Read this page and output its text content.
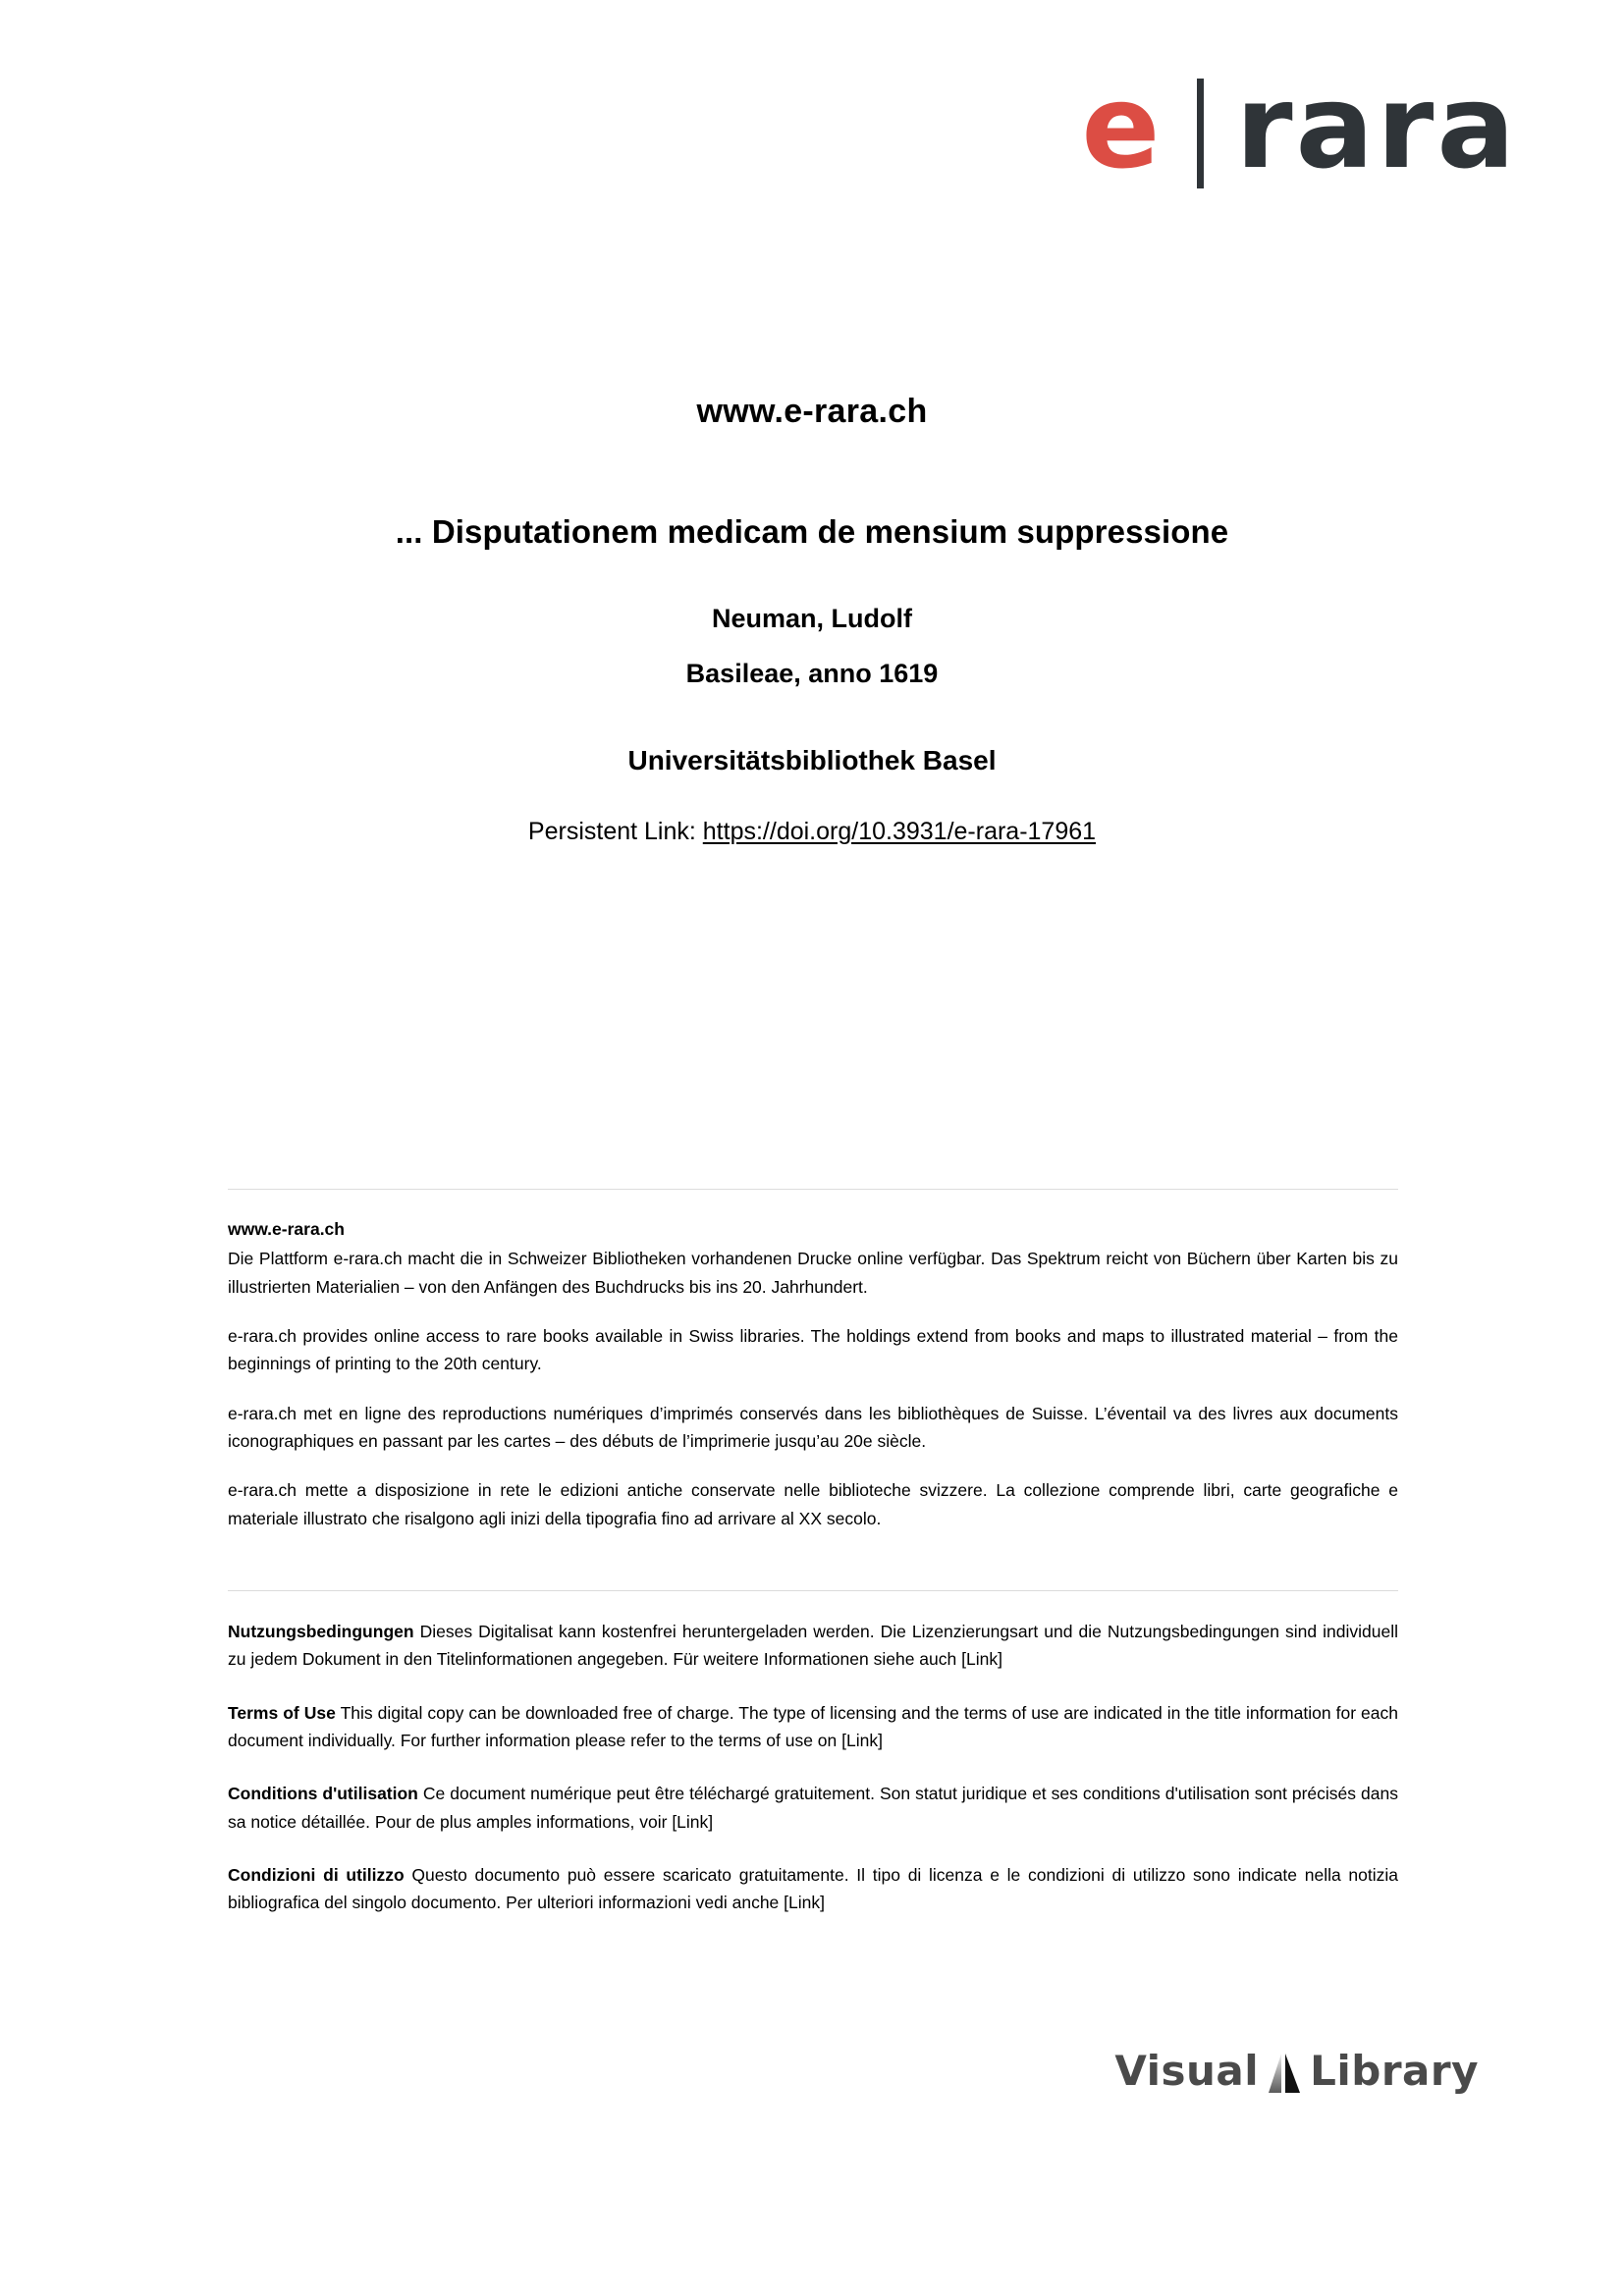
e rara
www.e-rara.ch
... Disputationem medicam de mensium suppressione
Neuman, Ludolf
Basileae, anno 1619
Universitätsbibliothek Basel
Persistent Link: https://doi.org/10.3931/e-rara-17961
www.e-rara.ch

Die Plattform e-rara.ch macht die in Schweizer Bibliotheken vorhandenen Drucke online verfügbar. Das Spektrum reicht von Büchern über Karten bis zu illustrierten Materialien – von den Anfängen des Buchdrucks bis ins 20. Jahrhundert.

e-rara.ch provides online access to rare books available in Swiss libraries. The holdings extend from books and maps to illustrated material – from the beginnings of printing to the 20th century.

e-rara.ch met en ligne des reproductions numériques d’imprimés conservés dans les bibliothèques de Suisse. L’éventail va des livres aux documents iconographiques en passant par les cartes – des débuts de l’imprimerie jusqu’au 20e siècle.

e-rara.ch mette a disposizione in rete le edizioni antiche conservate nelle biblioteche svizzere. La collezione comprende libri, carte geografiche e materiale illustrato che risalgono agli inizi della tipografia fino ad arrivare al XX secolo.

Nutzungsbedingungen Dieses Digitalisat kann kostenfrei heruntergeladen werden. Die Lizenzierungsart und die Nutzungsbedingungen sind individuell zu jedem Dokument in den Titelinformationen angegeben. Für weitere Informationen siehe auch [Link]

Terms of Use This digital copy can be downloaded free of charge. The type of licensing and the terms of use are indicated in the title information for each document individually. For further information please refer to the terms of use on [Link]

Conditions d'utilisation Ce document numérique peut être téléchargé gratuitement. Son statut juridique et ses conditions d'utilisation sont précisés dans sa notice détaillée. Pour de plus amples informations, voir [Link]

Condizioni di utilizzo Questo documento può essere scaricato gratuitamente. Il tipo di licenza e le condizioni di utilizzo sono indicate nella notizia bibliografica del singolo documento. Per ulteriori informazioni vedi anche [Link]

Visual Library
